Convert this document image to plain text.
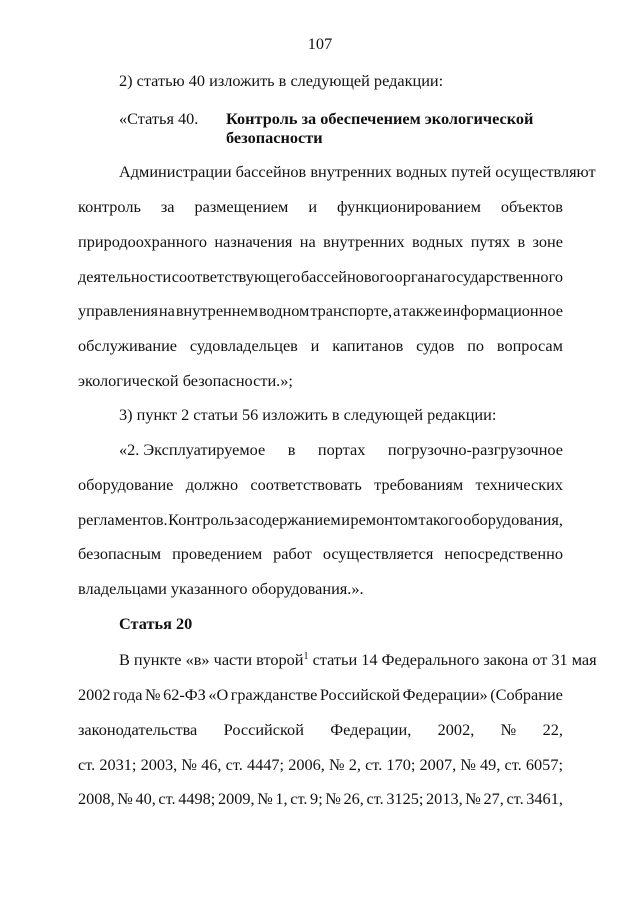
107
2) статью 40 изложить в следующей редакции:
«Статья 40. Контроль за обеспечением экологической
безопасности
Администрации бассейнов внутренних водных путей осуществляют
контроль за размещением и функционированием объектов
природоохранного назначения на внутренних водных путях в зоне
деятельности соответствующего бассейнового органа государственного
управления на внутреннем водном транспорте, а также информационное
обслуживание судовладельцев и капитанов судов по вопросам
экологической безопасности.»;
3) пункт 2 статьи 56 изложить в следующей редакции:
«2. Эксплуатируемое в портах погрузочно-разгрузочное
оборудование должно соответствовать требованиям технических
регламентов. Контроль за содержанием и ремонтом такого оборудования,
безопасным проведением работ осуществляется непосредственно
владельцами указанного оборудования.».
Статья 20
В пункте «в» части второй$^1$ статьи 14 Федерального закона от 31 мая
2002 года № 62-ФЗ «О гражданстве Российской Федерации» (Собрание
законодательства Российской Федерации, 2002, № 22,
ст. 2031; 2003, № 46, ст. 4447; 2006, № 2, ст. 170; 2007, № 49, ст. 6057;
2008, № 40, ст. 4498; 2009, № 1, ст. 9; № 26, ст. 3125; 2013, № 27, ст. 3461,
